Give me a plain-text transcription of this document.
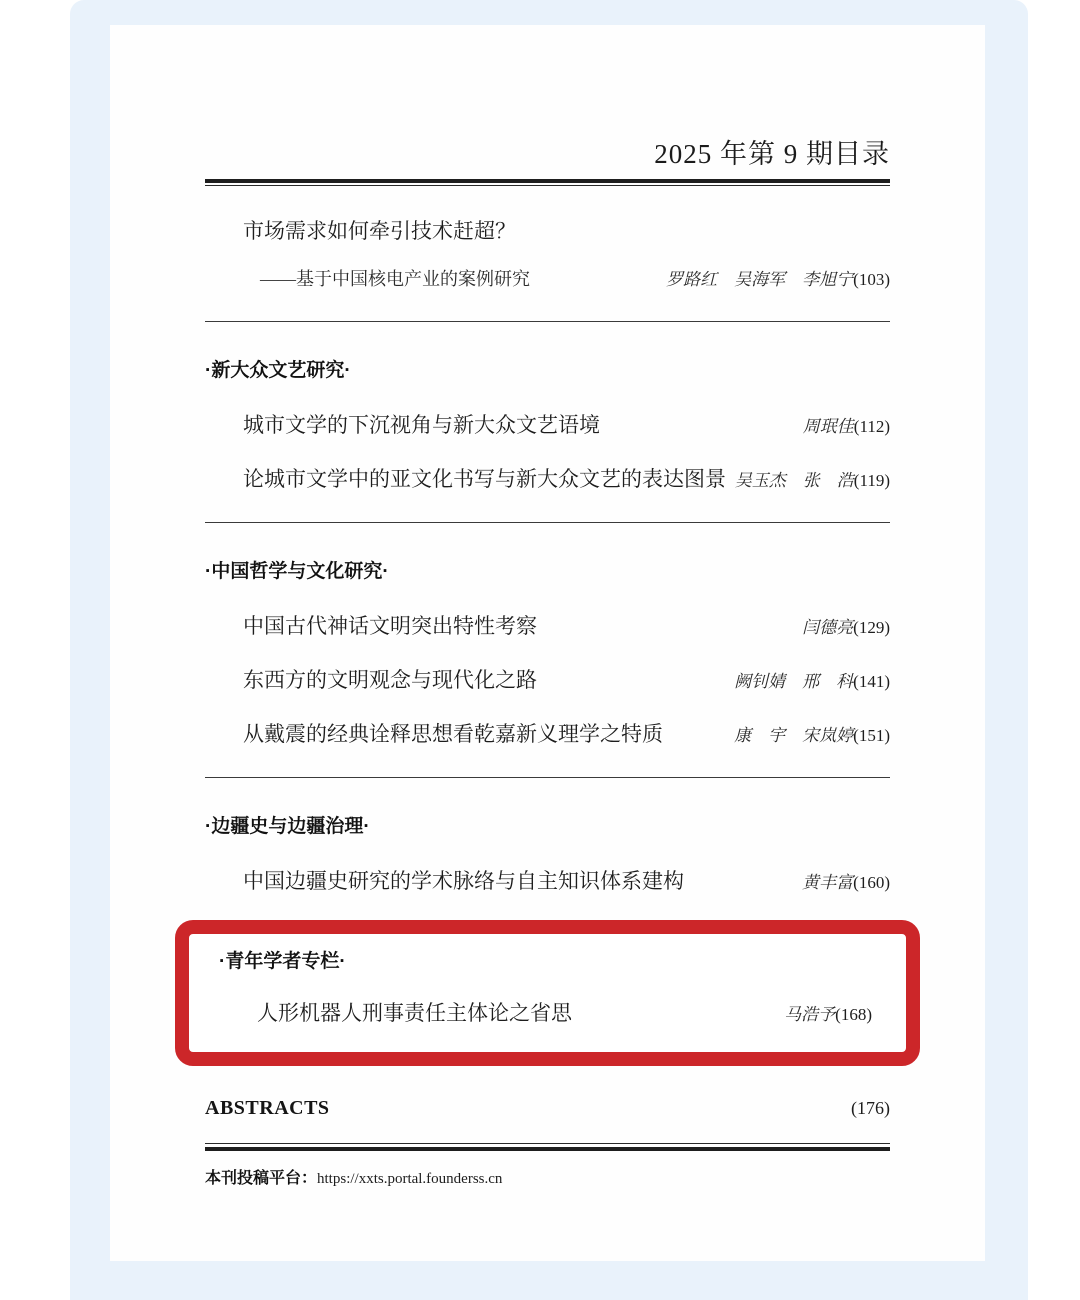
2025 年第 9 期目录
市场需求如何牵引技术赶超？
——基于中国核电产业的案例研究	罗路红　吴海军　李旭宁(103)
·新大众文艺研究·
城市文学的下沉视角与新大众文艺语境	周珉佳(112)
论城市文学中的亚文化书写与新大众文艺的表达图景 吴玉杰　张　浩(119)
·中国哲学与文化研究·
中国古代神话文明突出特性考察	闫德亮(129)
东西方的文明观念与现代化之路	阙钊婧　邢　科(141)
从戴震的经典诠释思想看乾嘉新义理学之特质	康　宇　宋岚婷(151)
·边疆史与边疆治理·
中国边疆史研究的学术脉络与自主知识体系建构	黄丰富(160)
·青年学者专栏·
人形机器人刑事责任主体论之省思	马浩予(168)
ABSTRACTS	(176)
本刊投稿平台： https://xxts.portal.founderss.cn
